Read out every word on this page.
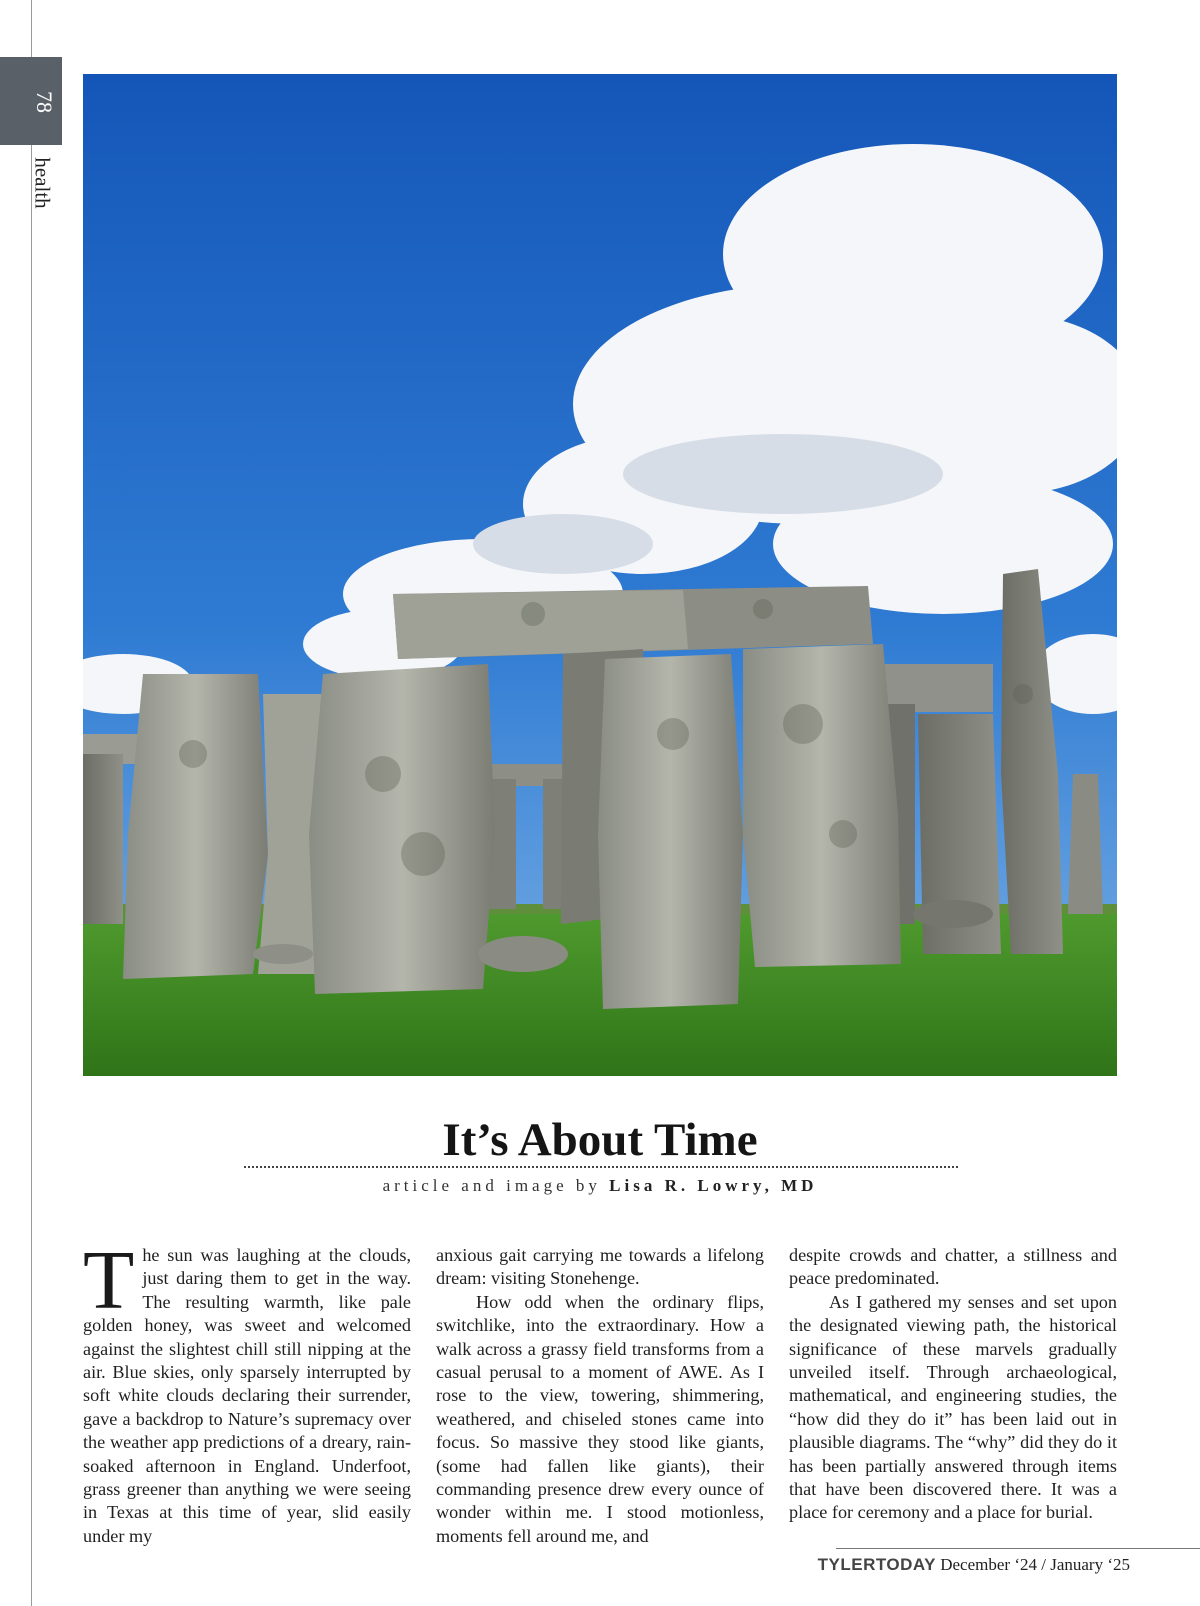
78
health
It’s About Time
article and image by Lisa R. Lowry, MD
T he sun was laughing at the clouds, just daring them to get in the way. The resulting warmth, like pale golden honey, was sweet and welcomed against the slightest chill still nipping at the air. Blue skies, only sparsely interrupted by soft white clouds declaring their surrender, gave a backdrop to Nature’s supremacy over the weather app predictions of a dreary, rain-soaked afternoon in England. Underfoot, grass greener than anything we were seeing in Texas at this time of year, slid easily under my

anxious gait carrying me towards a lifelong dream: visiting Stonehenge.

How odd when the ordinary flips, switchlike, into the extraordinary. How a walk across a grassy field transforms from a casual perusal to a moment of AWE. As I rose to the view, towering, shimmering, weathered, and chiseled stones came into focus. So massive they stood like giants, (some had fallen like giants), their commanding presence drew every ounce of wonder within me. I stood motionless, moments fell around me, and

despite crowds and chatter, a stillness and peace predominated.

As I gathered my senses and set upon the designated viewing path, the historical significance of these marvels gradually unveiled itself. Through archaeological, mathematical, and engineering studies, the “how did they do it” has been laid out in plausible diagrams. The “why” did they do it has been partially answered through items that have been discovered there. It was a place for ceremony and a place for burial.

TYLERTODAY December ‘24 / January ‘25
